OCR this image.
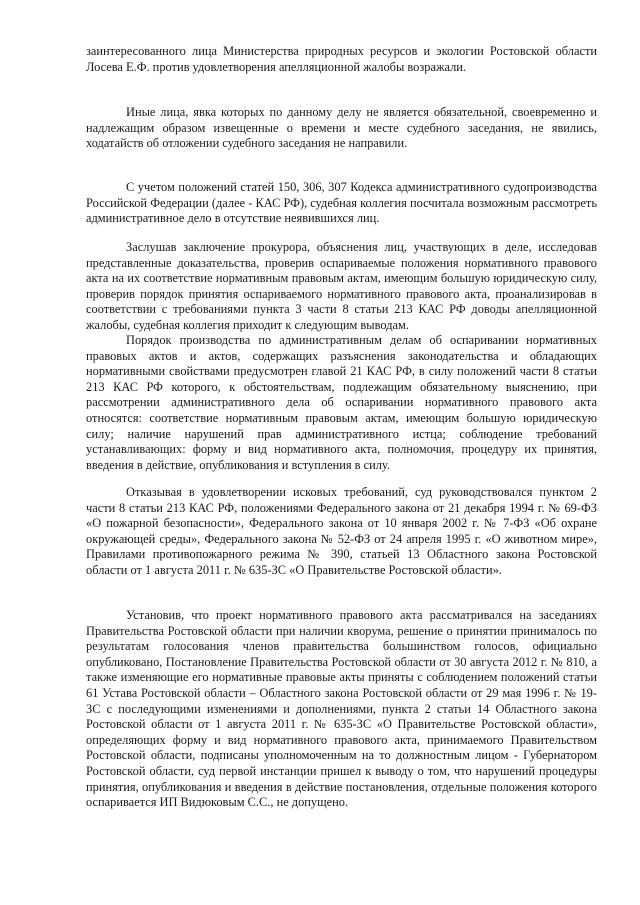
заинтересованного лица Министерства природных ресурсов и экологии Ростовской области Лосева Е.Ф. против удовлетворения апелляционной жалобы возражали.

Иные лица, явка которых по данному делу не является обязательной, своевременно и надлежащим образом извещенные о времени и месте судебного заседания, не явились, ходатайств об отложении судебного заседания не направили.

С учетом положений статей 150, 306, 307 Кодекса административного судопроизводства Российской Федерации (далее - КАС РФ), судебная коллегия посчитала возможным рассмотреть административное дело в отсутствие неявившихся лиц.

Заслушав заключение прокурора, объяснения лиц, участвующих в деле, исследовав представленные доказательства, проверив оспариваемые положения нормативного правового акта на их соответствие нормативным правовым актам, имеющим большую юридическую силу, проверив порядок принятия оспариваемого нормативного правового акта, проанализировав в соответствии с требованиями пункта 3 части 8 статьи 213 КАС РФ доводы апелляционной жалобы, судебная коллегия приходит к следующим выводам.

Порядок производства по административным делам об оспаривании нормативных правовых актов и актов, содержащих разъяснения законодательства и обладающих нормативными свойствами предусмотрен главой 21 КАС РФ, в силу положений части 8 статьи 213 КАС РФ которого, к обстоятельствам, подлежащим обязательному выяснению, при рассмотрении административного дела об оспаривании нормативного правового акта относятся: соответствие нормативным правовым актам, имеющим большую юридическую силу; наличие нарушений прав административного истца; соблюдение требований устанавливающих: форму и вид нормативного акта, полномочия, процедуру их принятия, введения в действие, опубликования и вступления в силу.

Отказывая в удовлетворении исковых требований, суд руководствовался пунктом 2 части 8 статьи 213 КАС РФ, положениями Федерального закона от 21 декабря 1994 г. № 69-ФЗ «О пожарной безопасности», Федерального закона от 10 января 2002 г. № 7-ФЗ «Об охране окружающей среды», Федерального закона № 52-ФЗ от 24 апреля 1995 г. «О животном мире», Правилами противопожарного режима № 390, статьей 13 Областного закона Ростовской области от 1 августа 2011 г. № 635-ЗС «О Правительстве Ростовской области».

Установив, что проект нормативного правового акта рассматривался на заседаниях Правительства Ростовской области при наличии кворума, решение о принятии принималось по результатам голосования членов правительства большинством голосов, официально опубликовано, Постановление Правительства Ростовской области от 30 августа 2012 г. № 810, а также изменяющие его нормативные правовые акты приняты с соблюдением положений статьи 61 Устава Ростовской области – Областного закона Ростовской области от 29 мая 1996 г. № 19-ЗС с последующими изменениями и дополнениями, пункта 2 статьи 14 Областного закона Ростовской области от 1 августа 2011 г. № 635-ЗС «О Правительстве Ростовской области», определяющих форму и вид нормативного правового акта, принимаемого Правительством Ростовской области, подписаны уполномоченным на то должностным лицом - Губернатором Ростовской области, суд первой инстанции пришел к выводу о том, что нарушений процедуры принятия, опубликования и введения в действие постановления, отдельные положения которого оспаривается ИП Видюковым С.С., не допущено.
